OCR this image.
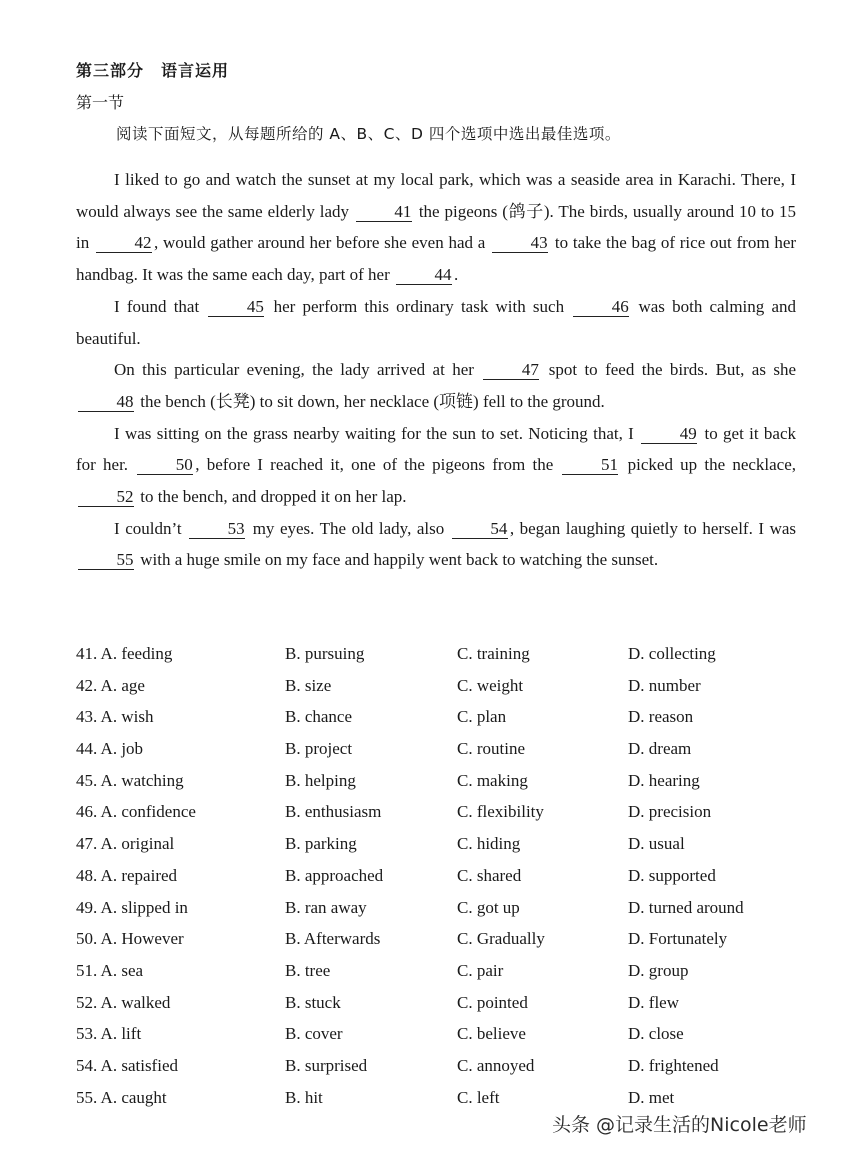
第三部分　语言运用
第一节
阅读下面短文，从每题所给的 A、B、C、D 四个选项中选出最佳选项。

I liked to go and watch the sunset at my local park, which was a seaside area in Karachi. There, I would always see the same elderly lady	41 the pigeons (鸽子). The birds, usually around 10 to 15 in	42 , would gather around her before she even had a	43 to take the bag of rice out from her handbag. It was the same each day, part of her	44 .

I found that	45 her perform this ordinary task with such	46 was both calming and beautiful.

On this particular evening, the lady arrived at her	47 spot to feed the birds. But, as she 48 the bench (长凳) to sit down, her necklace (项链) fell to the ground.

I was sitting on the grass nearby waiting for the sun to set. Noticing that, I	49 to get it back for her.	50 , before I reached it, one of the pigeons from the	51 picked up the necklace, 52 to the bench, and dropped it on her lap.

I couldn’t	53 my eyes. The old lady, also	54 , began laughing quietly to herself. I was 55 with a huge smile on my face and happily went back to watching the sunset.

41. A. feeding	B. pursuing	C. training	D. collecting
42. A. age	B. size	C. weight	D. number
43. A. wish	B. chance	C. plan	D. reason
44. A. job	B. project	C. routine	D. dream
45. A. watching	B. helping	C. making	D. hearing
46. A. confidence	B. enthusiasm	C. flexibility	D. precision
47. A. original	B. parking	C. hiding	D. usual
48. A. repaired	B. approached	C. shared	D. supported
49. A. slipped in	B. ran away	C. got up	D. turned around
50. A. However	B. Afterwards	C. Gradually	D. Fortunately
51. A. sea	B. tree	C. pair	D. group
52. A. walked	B. stuck	C. pointed	D. flew
53. A. lift	B. cover	C. believe	D. close
54. A. satisfied	B. surprised	C. annoyed	D. frightened
55. A. caught	B. hit	C. left	D. met
头条 @记录生活的Nicole老师
